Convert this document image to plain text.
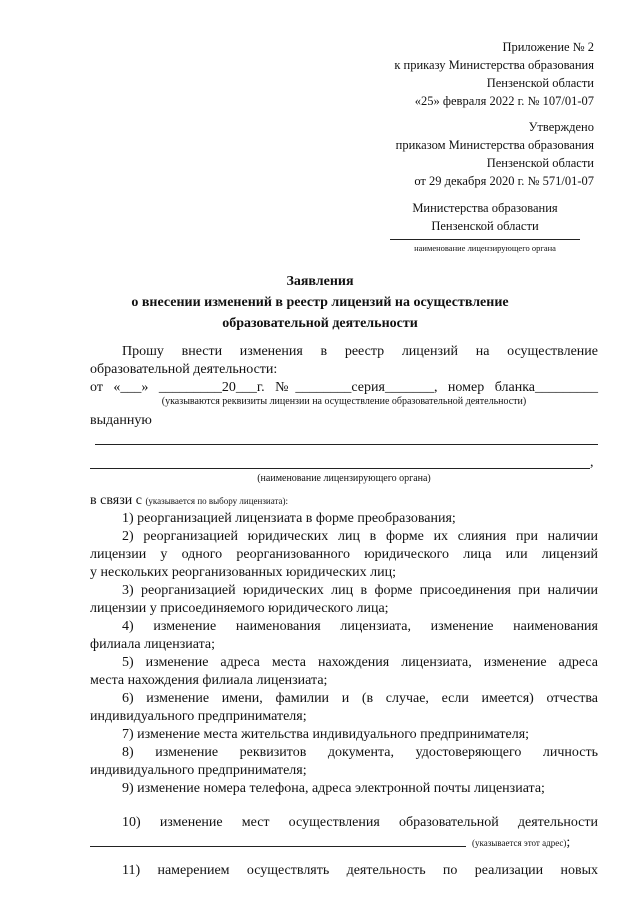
Приложение № 2
к приказу Министерства образования
Пензенской области
«25» февраля 2022 г. № 107/01-07
Утверждено
приказом Министерства образования
Пензенской области
от 29 декабря 2020 г. № 571/01-07
Министерства образования
Пензенской области
наименование лицензирующего органа
Заявления
о внесении изменений в реестр лицензий на осуществление
образовательной деятельности
Прошу внести изменения в реестр лицензий на осуществление
образовательной деятельности:
от «___» _________20___г. №________серия_______, номер бланка_________
(указываются реквизиты лицензии на осуществление образовательной деятельности)
выданную
,
(наименование лицензирующего органа)
в связи с (указывается по выбору лицензиата):
1) реорганизацией лицензиата в форме преобразования;
2) реорганизацией юридических лиц в форме их слияния при наличии
лицензии у одного реорганизованного юридического лица или лицензий
у нескольких реорганизованных юридических лиц;
3) реорганизацией юридических лиц в форме присоединения при наличии
лицензии у присоединяемого юридического лица;
4) изменение наименования лицензиата, изменение наименования
филиала лицензиата;
5) изменение адреса места нахождения лицензиата, изменение адреса
места нахождения филиала лицензиата;
6) изменение имени, фамилии и (в случае, если имеется) отчества
индивидуального предпринимателя;
7) изменение места жительства индивидуального предпринимателя;
8) изменение реквизитов документа, удостоверяющего личность
индивидуального предпринимателя;
9) изменение номера телефона, адреса электронной почты лицензиата;
10) изменение мест осуществления образовательной деятельности
(указывается этот адрес);
11) намерением осуществлять деятельность по реализации новых
